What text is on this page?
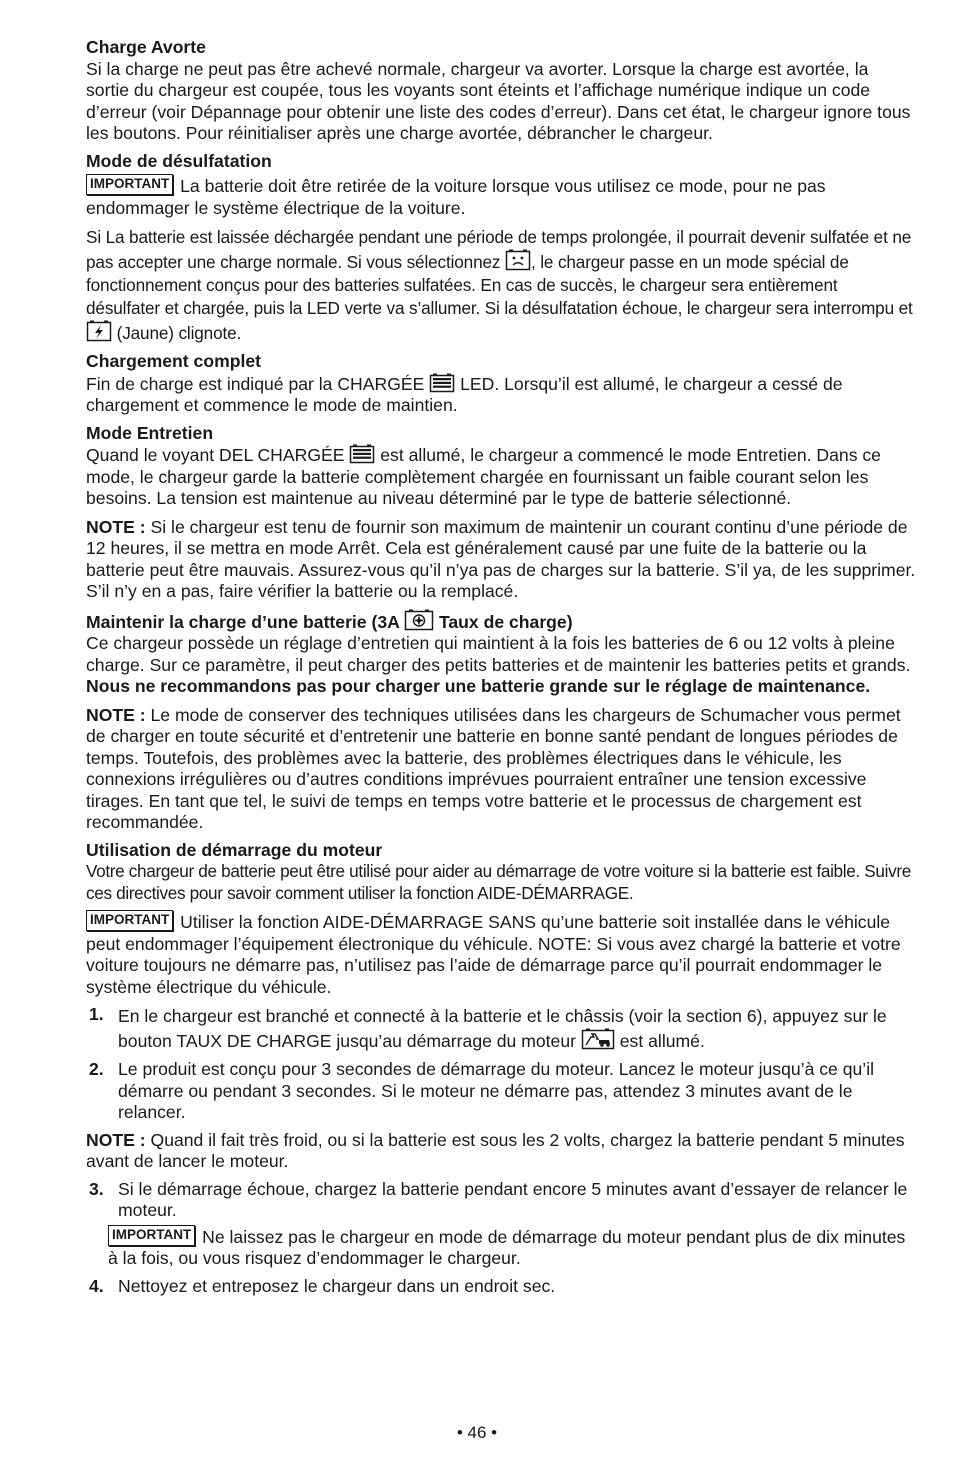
Charge Avorte
Si la charge ne peut pas être achevé normale, chargeur va avorter. Lorsque la charge est avortée, la sortie du chargeur est coupée, tous les voyants sont éteints et l’affichage numérique indique un code d’erreur (voir Dépannage pour obtenir une liste des codes d’erreur). Dans cet état, le chargeur ignore tous les boutons. Pour réinitialiser après une charge avortée, débrancher le chargeur.
Mode de désulfatation
IMPORTANT La batterie doit être retirée de la voiture lorsque vous utilisez ce mode, pour ne pas endommager le système électrique de la voiture.
Si La batterie est laissée déchargée pendant une période de temps prolongée, il pourrait devenir sulfatée et ne pas accepter une charge normale. Si vous sélectionnez
, le chargeur passe en un mode spécial de fonctionnement conçus pour des batteries sulfatées. En cas de succès, le chargeur sera entièrement désulfater et chargée, puis la LED verte va s’allumer. Si la désulfatation échoue, le chargeur sera interrompu et
(Jaune) clignote.
Chargement complet
Fin de charge est indiqué par la CHARGÉE
LED. Lorsqu’il est allumé, le chargeur a cessé de chargement et commence le mode de maintien.
Mode Entretien
Quand le voyant DEL CHARGÉE
est allumé, le chargeur a commencé le mode Entretien. Dans ce mode, le chargeur garde la batterie complètement chargée en fournissant un faible courant selon les besoins. La tension est maintenue au niveau déterminé par le type de batterie sélectionné.
NOTE : Si le chargeur est tenu de fournir son maximum de maintenir un courant continu d’une période de 12 heures, il se mettra en mode Arrêt. Cela est généralement causé par une fuite de la batterie ou la batterie peut être mauvais. Assurez-vous qu’il n’ya pas de charges sur la batterie. S’il ya, de les supprimer. S’il n’y en a pas, faire vérifier la batterie ou la remplacé.
Maintenir la charge d’une batterie (3A
Taux de charge)
Ce chargeur possède un réglage d’entretien qui maintient à la fois les batteries de 6 ou 12 volts à pleine charge. Sur ce paramètre, il peut charger des petits batteries et de maintenir les batteries petits et grands. Nous ne recommandons pas pour charger une batterie grande sur le réglage de maintenance.
NOTE : Le mode de conserver des techniques utilisées dans les chargeurs de Schumacher vous permet de charger en toute sécurité et d’entretenir une batterie en bonne santé pendant de longues périodes de temps. Toutefois, des problèmes avec la batterie, des problèmes électriques dans le véhicule, les connexions irrégulières ou d’autres conditions imprévues pourraient entraîner une tension excessive tirages. En tant que tel, le suivi de temps en temps votre batterie et le processus de chargement est recommandée.
Utilisation de démarrage du moteur
Votre chargeur de batterie peut être utilisé pour aider au démarrage de votre voiture si la batterie est faible. Suivre ces directives pour savoir comment utiliser la fonction AIDE-DÉMARRAGE.
IMPORTANT Utiliser la fonction AIDE-DÉMARRAGE SANS qu’une batterie soit installée dans le véhicule peut endommager l’équipement électronique du véhicule. NOTE: Si vous avez chargé la batterie et votre voiture toujours ne démarre pas, n’utilisez pas l’aide de démarrage parce qu’il pourrait endommager le système électrique du véhicule.
1. En le chargeur est branché et connecté à la batterie et le châssis (voir la section 6), appuyez sur le bouton TAUX DE CHARGE jusqu’au démarrage du moteur
est allumé.
2. Le produit est conçu pour 3 secondes de démarrage du moteur. Lancez le moteur jusqu’à ce qu’il démarre ou pendant 3 secondes. Si le moteur ne démarre pas, attendez 3 minutes avant de le relancer.
NOTE : Quand il fait très froid, ou si la batterie est sous les 2 volts, chargez la batterie pendant 5 minutes avant de lancer le moteur.
3. Si le démarrage échoue, chargez la batterie pendant encore 5 minutes avant d’essayer de relancer le moteur.
IMPORTANT Ne laissez pas le chargeur en mode de démarrage du moteur pendant plus de dix minutes à la fois, ou vous risquez d’endommager le chargeur.
4. Nettoyez et entreposez le chargeur dans un endroit sec.
• 46 •
